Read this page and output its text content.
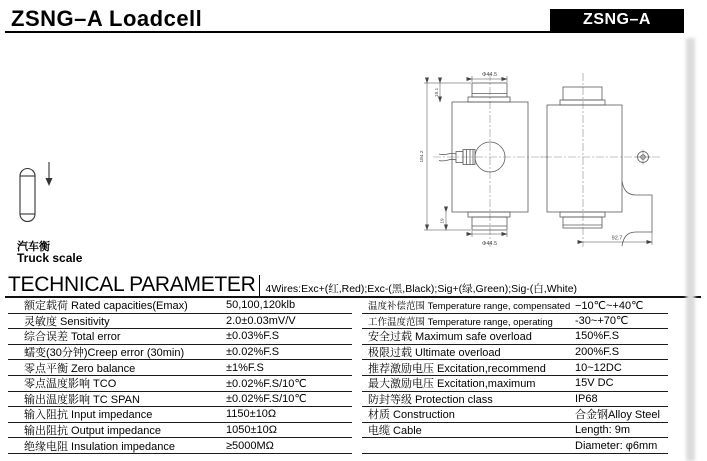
ZSNG–A Loadcell	ZSNG–A
Φ44.5
Φ44.5
19.1
184.2
19
92.7
汽车衡
Truck scale
TECHNICAL PARAMETER 4Wires:Exc+(红,Red);Exc-(黑,Black);Sig+(绿,Green);Sig-(白,White)
额定载荷 Rated capacities(Emax)	50,100,120klb
灵敏度 Sensitivity	2.0±0.03mV/V
综合误差 Total error	±0.03%F.S
蠕变(30分钟)Creep error (30min)	±0.02%F.S
零点平衡 Zero balance	±1%F.S
零点温度影响 TCO	±0.02%F.S/10℃
输出温度影响 TC SPAN	±0.02%F.S/10℃
输入阻抗 Input impedance	1150±10Ω
输出阻抗 Output impedance	1050±10Ω
绝缘电阻 Insulation impedance	≥5000MΩ
温度补偿范围 Temperature range, compensated −10℃~+40℃
工作温度范围 Temperature range, operating	-30~+70℃
安全过载 Maximum safe overload	150%F.S
极限过载 Ultimate overload	200%F.S
推荐激励电压 Excitation,recommend	10~12DC
最大激励电压 Excitation,maximum	15V DC
防封等级 Protection class	IP68
材质 Construction	合金钢Alloy Steel
电缆 Cable	Length: 9m
Diameter: φ6mm
